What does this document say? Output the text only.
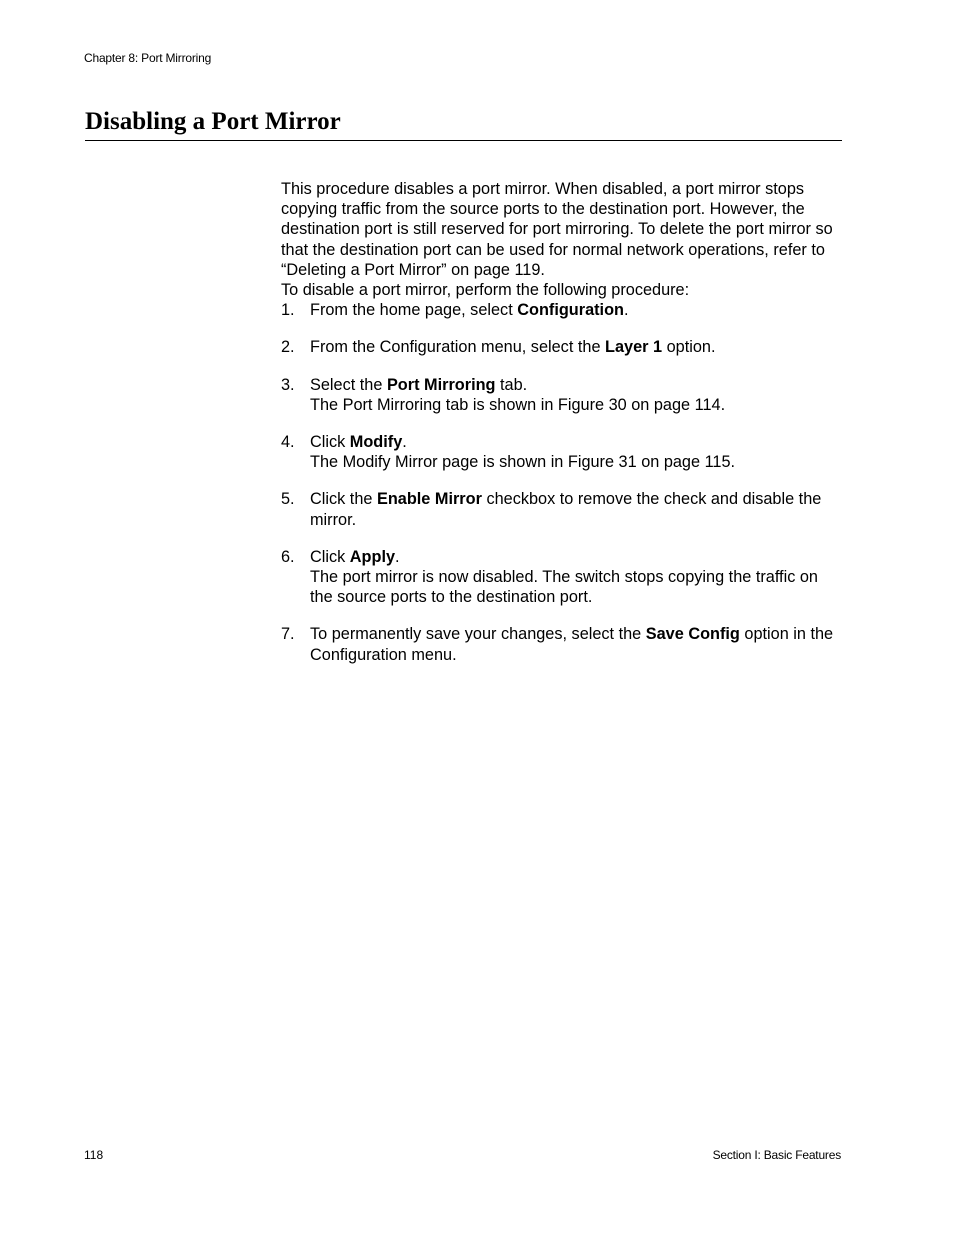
Chapter 8: Port Mirroring
Disabling a Port Mirror

This procedure disables a port mirror. When disabled, a port mirror stops copying traffic from the source ports to the destination port. However, the destination port is still reserved for port mirroring. To delete the port mirror so that the destination port can be used for normal network operations, refer to “Deleting a Port Mirror” on page 119.

To disable a port mirror, perform the following procedure:

1. From the home page, select Configuration.

2. From the Configuration menu, select the Layer 1 option.

3. Select the Port Mirroring tab.

The Port Mirroring tab is shown in Figure 30 on page 114.

4. Click Modify.

The Modify Mirror page is shown in Figure 31 on page 115.

5. Click the Enable Mirror checkbox to remove the check and disable the mirror.

6. Click Apply.

The port mirror is now disabled. The switch stops copying the traffic on the source ports to the destination port.

7. To permanently save your changes, select the Save Config option in the Configuration menu.

118	Section I: Basic Features
